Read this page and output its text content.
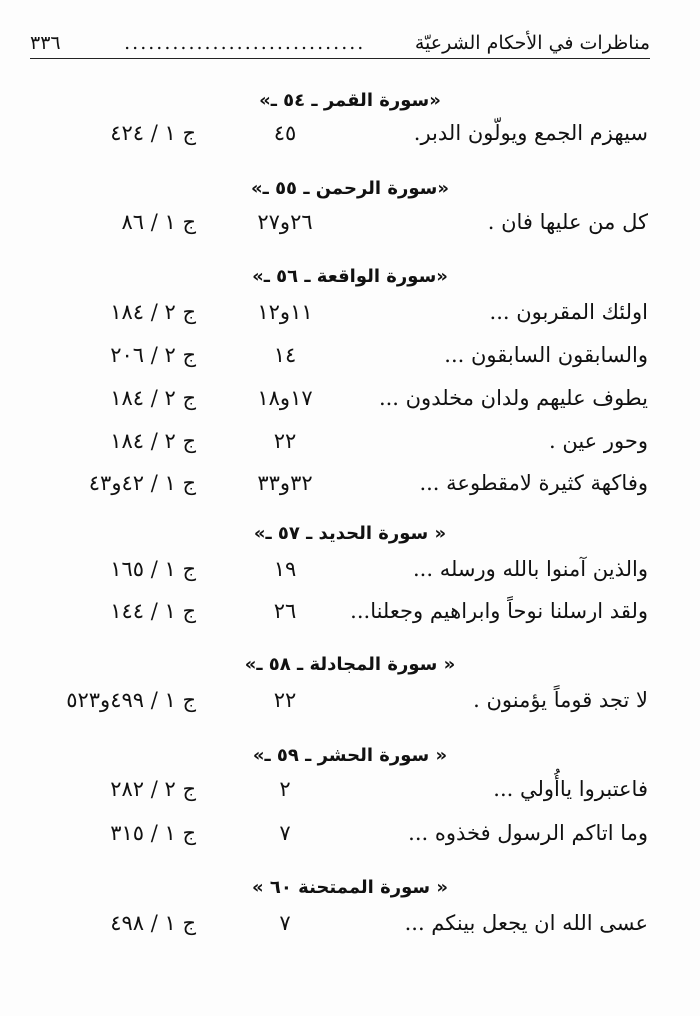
مناظرات في الأحكام الشرعيّة
..............................
٣٣٦
«سورة القمر ـ ٥٤ ـ»
سيهزم الجمع ويولّون الدبر.
٤٥
ج ١ / ٤٢٤
«سورة الرحمن ـ ٥٥ ـ»
كل من عليها فان .
٢٦و٢٧
ج ١ / ٨٦
«سورة الواقعة ـ ٥٦ ـ»
اولئك المقربون ...
١١و١٢
ج ٢ / ١٨٤
والسابقون السابقون ...
١٤
ج ٢ / ٢٠٦
يطوف عليهم ولدان مخلدون ...
١٧و١٨
ج ٢ / ١٨٤
وحور عين .
٢٢
ج ٢ / ١٨٤
وفاكهة كثيرة لامقطوعة ...
٣٢و٣٣
ج ١ / ٤٢و٤٣
« سورة الحديد ـ ٥٧ ـ»
والذين آمنوا بالله ورسله ...
١٩
ج ١ / ١٦٥
ولقد ارسلنا نوحاً وابراهيم وجعلنا...
٢٦
ج ١ / ١٤٤
« سورة المجادلة ـ ٥٨ ـ»
لا تجد قوماً يؤمنون .
٢٢
ج ١ / ٤٩٩و٥٢٣
« سورة الحشر ـ ٥٩ ـ»
فاعتبروا ياأُولي ...
٢
ج ٢ / ٢٨٢
وما اتاكم الرسول فخذوه ...
٧
ج ١ / ٣١٥
« سورة الممتحنة ٦٠ »
عسى الله ان يجعل بينكم ...
٧
ج ١ / ٤٩٨
